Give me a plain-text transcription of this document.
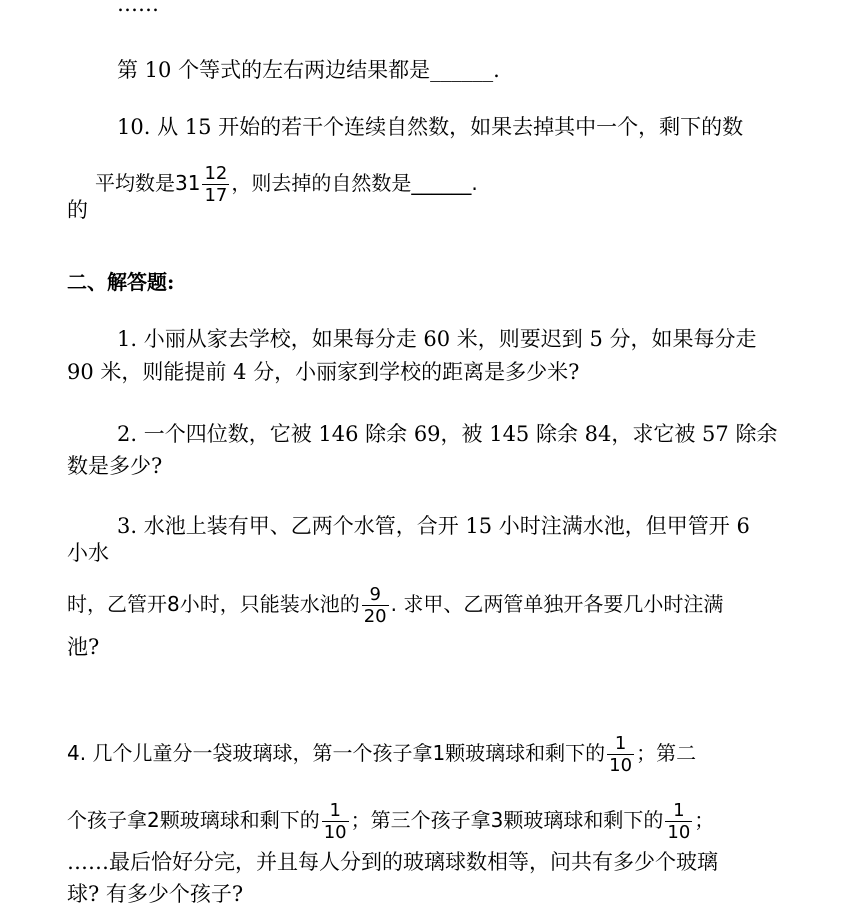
……
第 10 个等式的左右两边结果都是______.
10. 从 15 开始的若干个连续自然数，如果去掉其中一个，剩下的数
平均数是$31 \frac{12}{17}$ ，则去掉的自然数是______.
的
二、解答题:
1. 小丽从家去学校，如果每分走 60 米，则要迟到 5 分，如果每分走
90 米，则能提前 4 分，小丽家到学校的距离是多少米?
2. 一个四位数，它被 146 除余 69，被 145 除余 84，求它被 57 除余
数是多少?
3. 水池上装有甲、乙两个水管，合开 15 小时注满水池，但甲管开 6
小水
时，乙管开8小时，只能装水池的 $\frac{9}{20}$ . 求甲、乙两管单独开各要几小时注满
池?
4. 几个儿童分一袋玻璃球，第一个孩子拿1颗玻璃球和剩下的 $\frac{1}{10}$ ；第二
个孩子拿2颗玻璃球和剩下的 $\frac{1}{10}$ ；第三个孩子拿3颗玻璃球和剩下的 $\frac{1}{10}$ ；
……最后恰好分完，并且每人分到的玻璃球数相等，问共有多少个玻璃
球? 有多少个孩子?
